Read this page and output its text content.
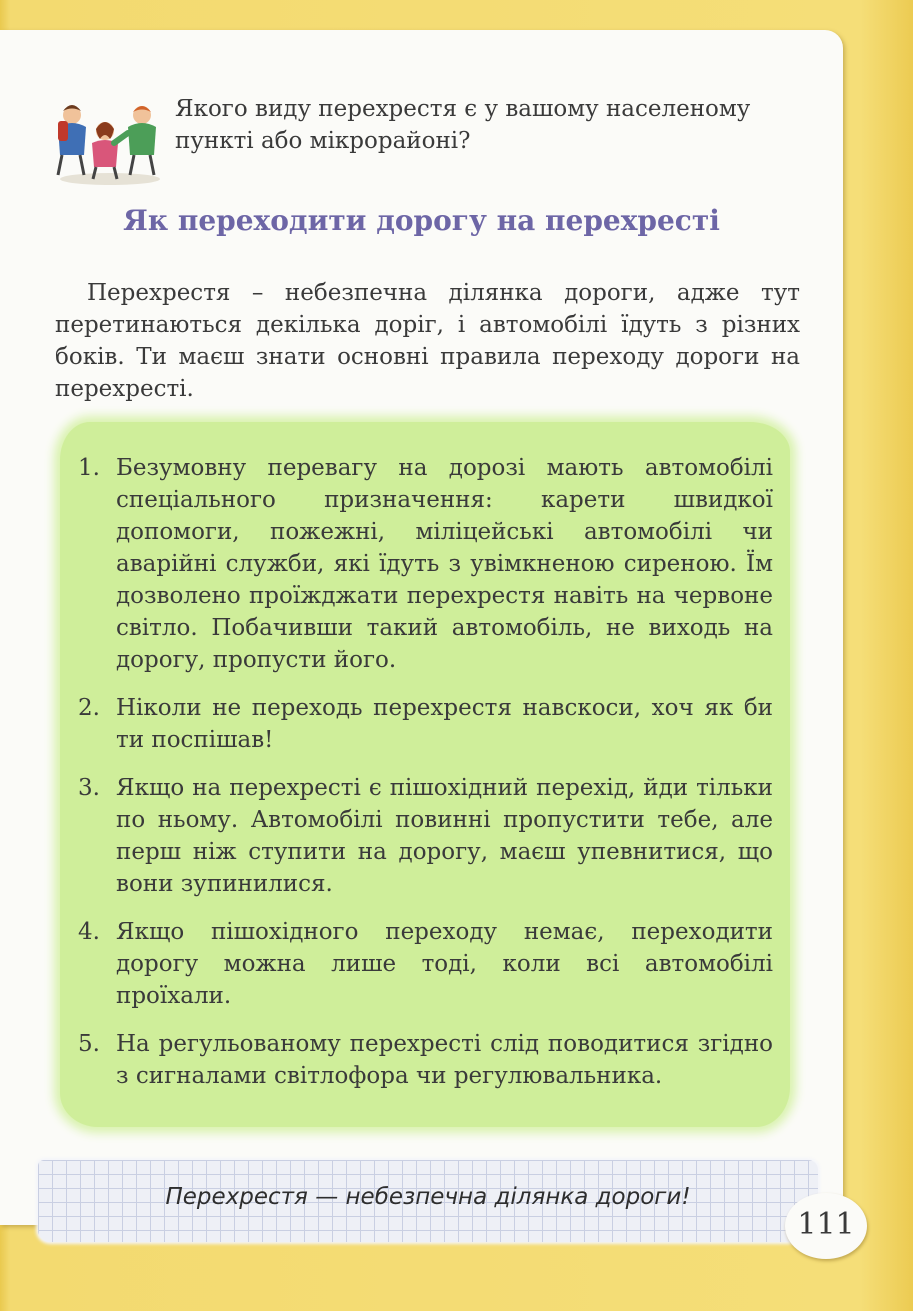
Якого виду перехрестя є у вашому населеному пункті або мікрорайоні?

Як переходити дорогу на перехресті

Перехрестя – небезпечна ділянка дороги, адже тут перетинаються декілька доріг, і автомобілі їдуть з різних боків. Ти маєш знати основні правила переходу дороги на перехресті.

1. Безумовну перевагу на дорозі мають автомобілі спеціального призначення: карети швидкої допомоги, пожежні, міліцейські автомобілі чи аварійні служби, які їдуть з увімкненою сиреною. Їм дозволено проїжджати перехрестя навіть на червоне світло. Побачивши такий автомобіль, не виходь на дорогу, пропусти його.
2. Ніколи не переходь перехрестя навскоси, хоч як би ти поспішав!
3. Якщо на перехресті є пішохідний перехід, йди тільки по ньому. Автомобілі повинні пропустити тебе, але перш ніж ступити на дорогу, маєш упевнитися, що вони зупинилися.
4. Якщо пішохідного переходу немає, переходити дорогу можна лише тоді, коли всі автомобілі проїхали.
5. На регульованому перехресті слід поводитися згідно з сигналами світлофора чи регулювальника.

Перехрестя — небезпечна ділянка дороги!

111
